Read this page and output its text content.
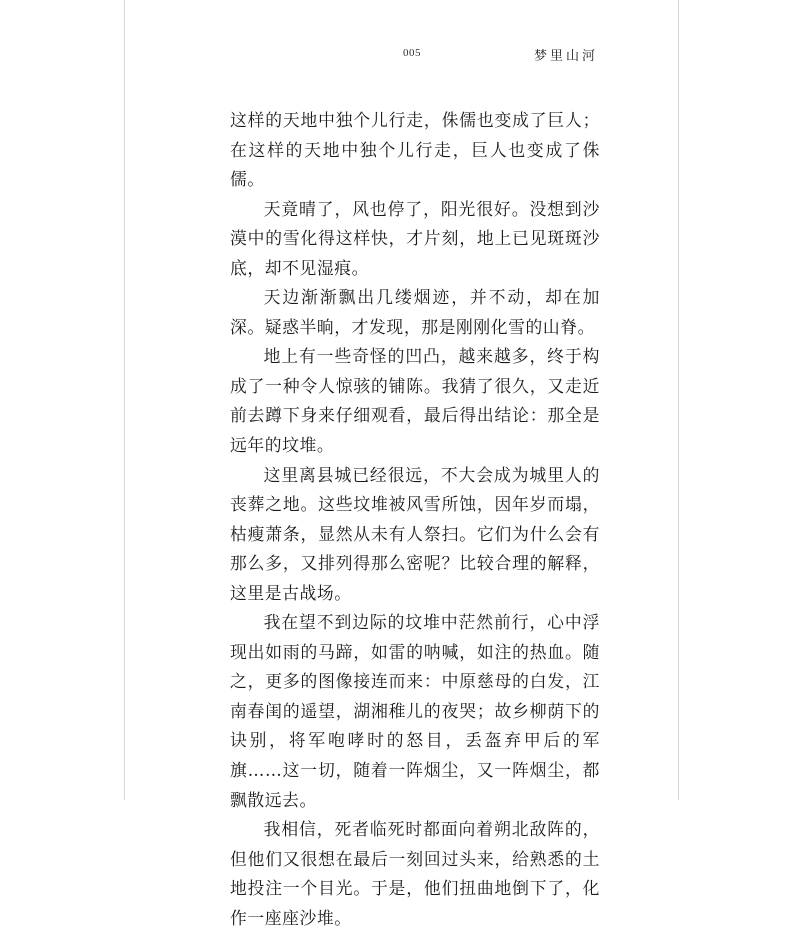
005	梦里山河

这样的天地中独个儿行走，侏儒也变成了巨人；在这样的天地中独个儿行走，巨人也变成了侏儒。

天竟晴了，风也停了，阳光很好。没想到沙漠中的雪化得这样快，才片刻，地上已见斑斑沙底，却不见湿痕。

天边渐渐飘出几缕烟迹，并不动，却在加深。疑惑半晌，才发现，那是刚刚化雪的山脊。

地上有一些奇怪的凹凸，越来越多，终于构成了一种令人惊骇的铺陈。我猜了很久，又走近前去蹲下身来仔细观看，最后得出结论：那全是远年的坟堆。

这里离县城已经很远，不大会成为城里人的丧葬之地。这些坟堆被风雪所蚀，因年岁而塌，枯瘦萧条，显然从未有人祭扫。它们为什么会有那么多，又排列得那么密呢？比较合理的解释，这里是古战场。

我在望不到边际的坟堆中茫然前行，心中浮现出如雨的马蹄，如雷的呐喊，如注的热血。随之，更多的图像接连而来：中原慈母的白发，江南春闺的遥望，湖湘稚儿的夜哭；故乡柳荫下的诀别，将军咆哮时的怒目，丢盔弃甲后的军旗……这一切，随着一阵烟尘，又一阵烟尘，都飘散远去。

我相信，死者临死时都面向着朔北敌阵的，但他们又很想在最后一刻回过头来，给熟悉的土地投注一个目光。于是，他们扭曲地倒下了，化作一座座沙堆。
